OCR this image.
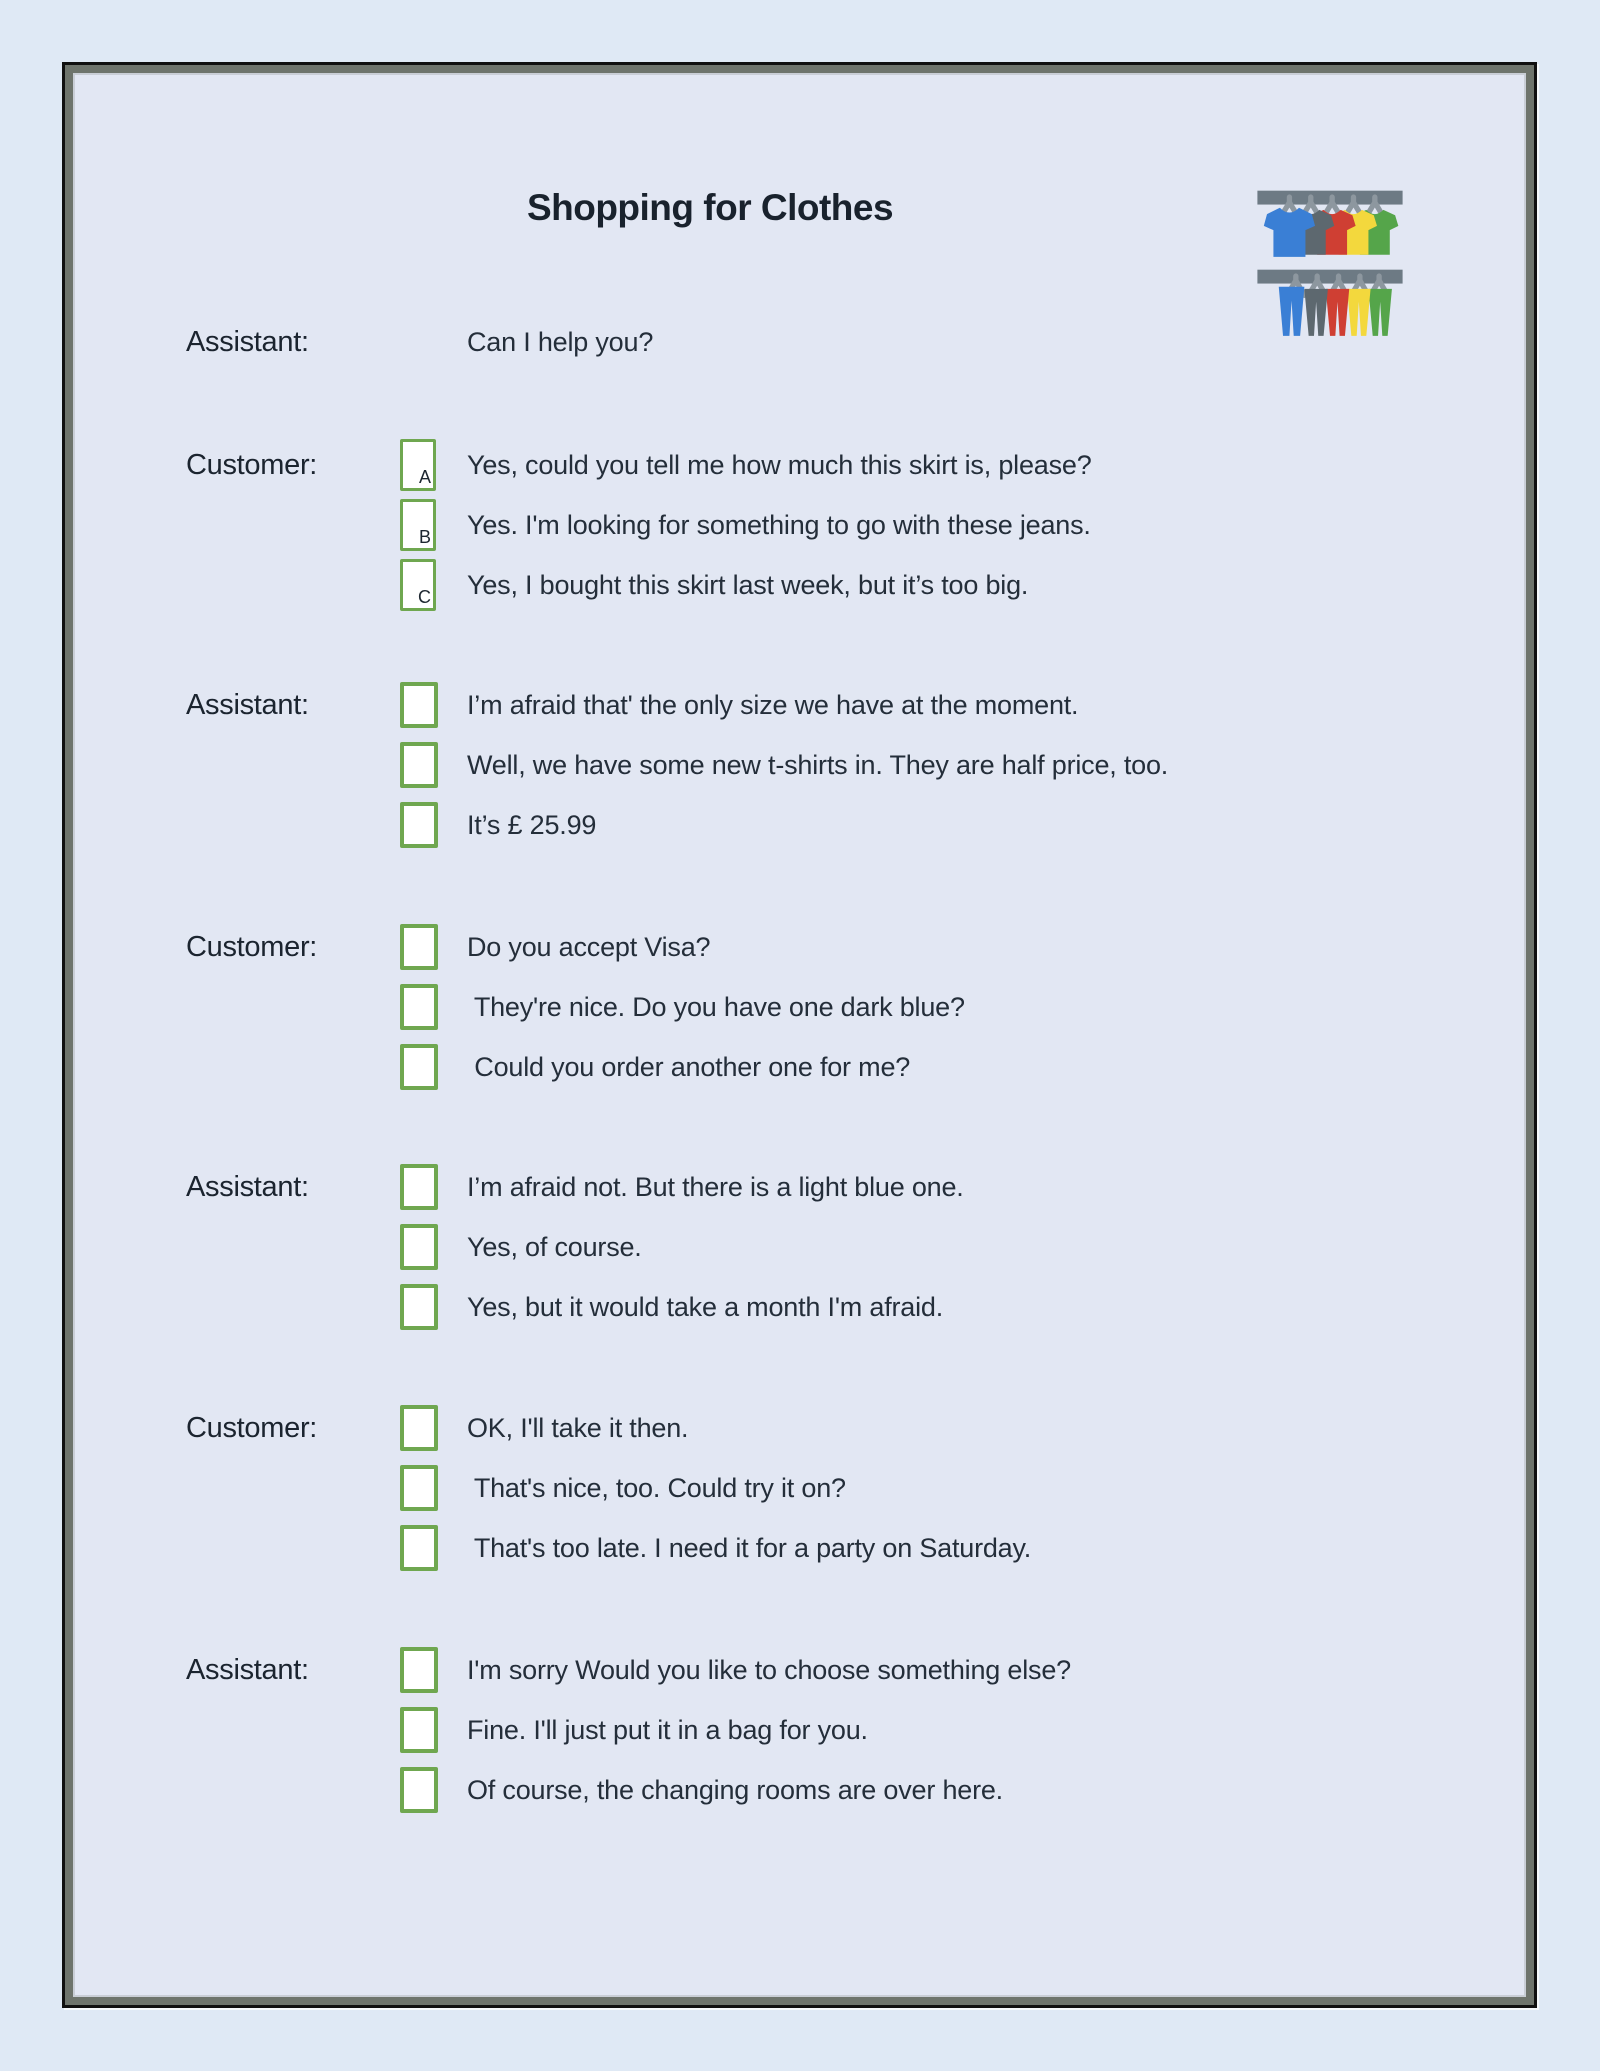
Shopping for Clothes
Assistant:	Can I help you?
Customer:	A Yes, could you tell me how much this skirt is, please?
B Yes. I'm looking for something to go with these jeans.
C Yes, I bought this skirt last week, but it’s too big.
Assistant:	I’m afraid that' the only size we have at the moment.
Well, we have some new t-shirts in. They are half price, too.
It’s £ 25.99
Customer:	Do you accept Visa?
They're nice. Do you have one dark blue?
Could you order another one for me?
Assistant:	I’m afraid not. But there is a light blue one.
Yes, of course.
Yes, but it would take a month I'm afraid.
Customer:	OK, I'll take it then.
That's nice, too. Could try it on?
That's too late. I need it for a party on Saturday.
Assistant:	I'm sorry Would you like to choose something else?
Fine. I'll just put it in a bag for you.
Of course, the changing rooms are over here.
